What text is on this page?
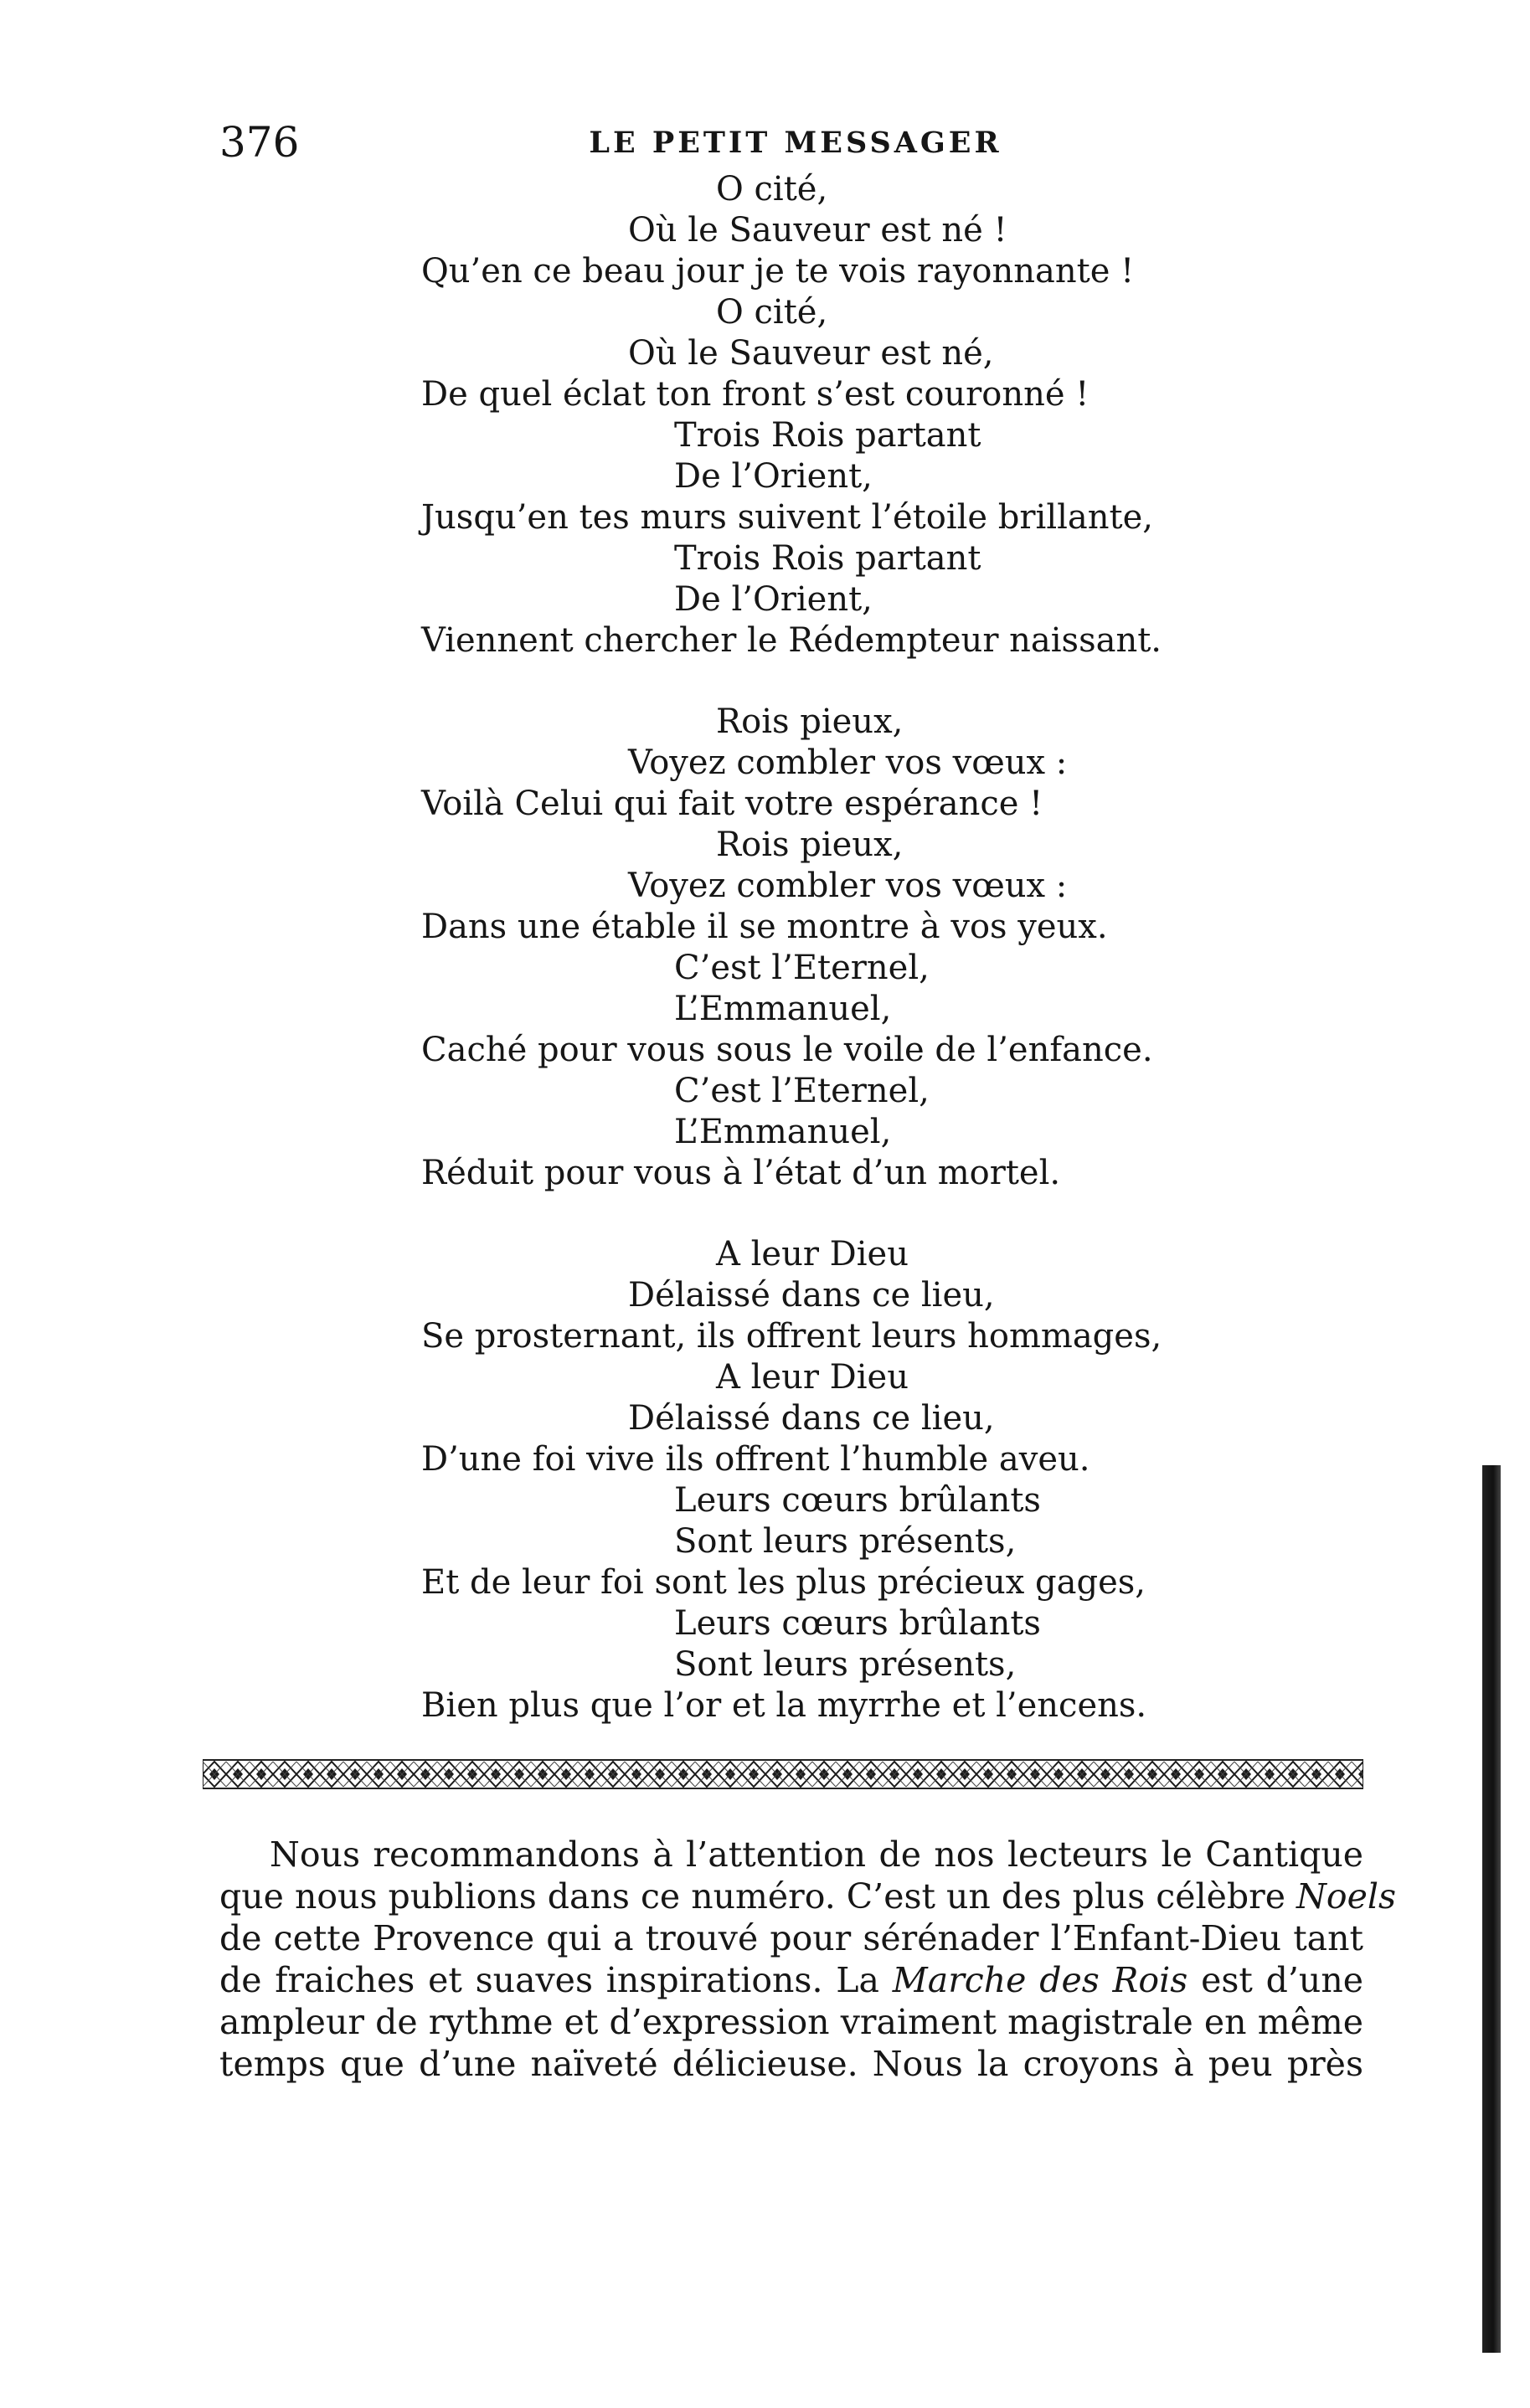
376	LE PETIT MESSAGER
O cité,
Où le Sauveur est né !
Qu’en ce beau jour je te vois rayonnante !
O cité,
Où le Sauveur est né,
De quel éclat ton front s’est couronné !
Trois Rois partant
De l’Orient,
Jusqu’en tes murs suivent l’étoile brillante,
Trois Rois partant
De l’Orient,
Viennent chercher le Rédempteur naissant.
Rois pieux,
Voyez combler vos vœux :
Voilà Celui qui fait votre espérance !
Rois pieux,
Voyez combler vos vœux :
Dans une étable il se montre à vos yeux.
C’est l’Eternel,
L’Emmanuel,
Caché pour vous sous le voile de l’enfance.
C’est l’Eternel,
L’Emmanuel,
Réduit pour vous à l’état d’un mortel.
A leur Dieu
Délaissé dans ce lieu,
Se prosternant, ils offrent leurs hommages,
A leur Dieu
Délaissé dans ce lieu,
D’une foi vive ils offrent l’humble aveu.
Leurs cœurs brûlants
Sont leurs présents,
Et de leur foi sont les plus précieux gages,
Leurs cœurs brûlants
Sont leurs présents,
Bien plus que l’or et la myrrhe et l’encens.
Nous recommandons à l’attention de nos lecteurs le Cantique
que nous publions dans ce numéro. C’est un des plus célèbre Noels
de cette Provence qui a trouvé pour sérénader l’Enfant-Dieu tant
de fraiches et suaves inspirations. La Marche des Rois est d’une
ampleur de rythme et d’expression vraiment magistrale en même
temps que d’une naïveté délicieuse. Nous la croyons à peu près
